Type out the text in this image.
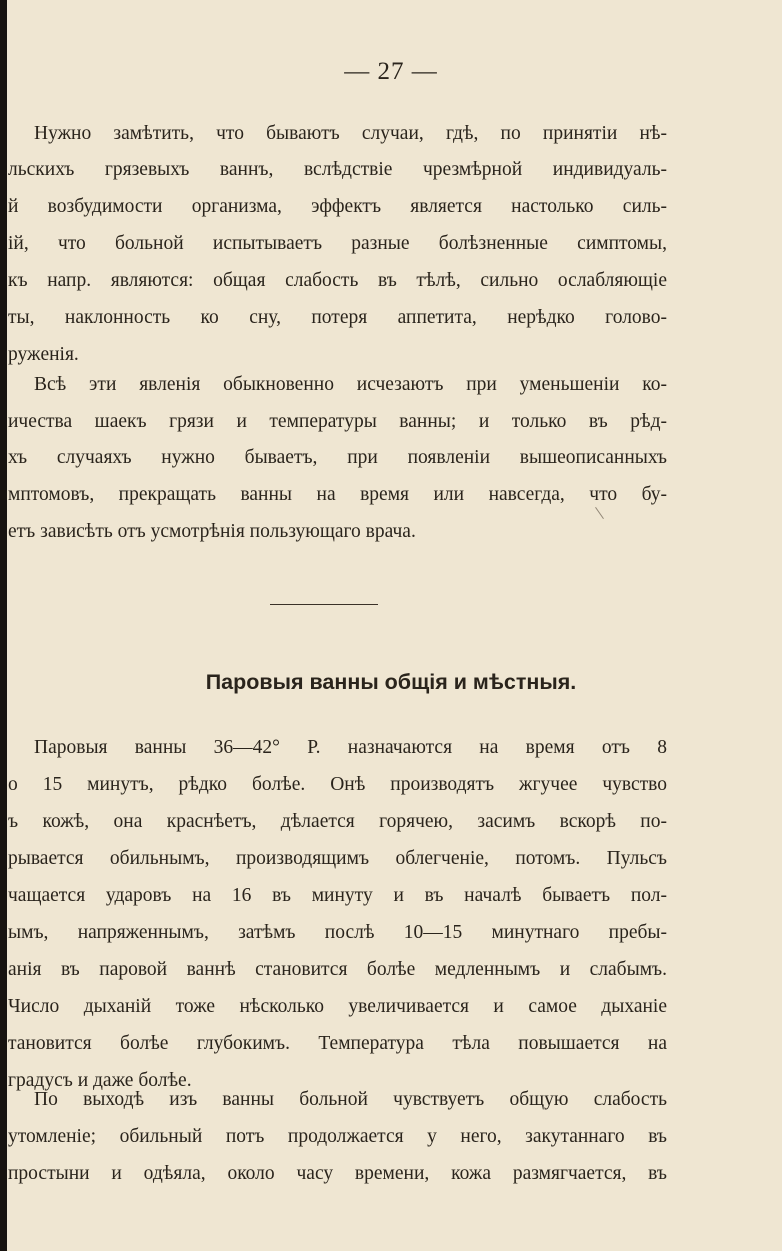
— 27 —
Нужно замѣтить, что бываютъ случаи, гдѣ, по принятіи нѣ-
льскихъ грязевыхъ ваннъ, вслѣдствіе чрезмѣрной индивидуаль-
й возбудимости организма, эффектъ является настолько силь-
ій, что больной испытываетъ разные болѣзненные симптомы,
къ напр. являются: общая слабость въ тѣлѣ, сильно ослабляющіе
ты, наклонность ко сну, потеря аппетита, нерѣдко голово-
ружeнія.
Всѣ эти явленія обыкновенно исчезаютъ при уменьшеніи ко-
ичества шаекъ грязи и температуры ванны; и только въ рѣд-
хъ случаяхъ нужно бываетъ, при появленіи вышеописанныхъ
мптомовъ, прекращать ванны на время или навсегда, что бу-
етъ зависѣть отъ усмотрѣнія пользующаго врача.
Паровыя ванны общія и мѣстныя.
Паровыя ванны 36—42° Р. назначаются на время отъ 8
о 15 минутъ, рѣдко болѣе. Онѣ производятъ жгучее чувство
ъ кожѣ, она краснѣетъ, дѣлается горячею, засимъ вскорѣ по-
рывается обильнымъ, производящимъ облегченіе, потомъ. Пульсъ
чащается ударовъ на 16 въ минуту и въ началѣ бываетъ пол-
ымъ, напряженнымъ, затѣмъ послѣ 10—15 минутнаго пребы-
анія въ паровой ваннѣ становится болѣе медленнымъ и слабымъ.
Число дыханій тоже нѣсколько увеличивается и самое дыханіе
тановится болѣе глубокимъ. Температура тѣла повышается на
градусъ и даже болѣе.
По выходѣ изъ ванны больной чувствуетъ общую слабость
утомленіе; обильный потъ продолжается у него, закутаннаго въ
простыни и одѣяла, около часу времени, кожа размягчается, въ
